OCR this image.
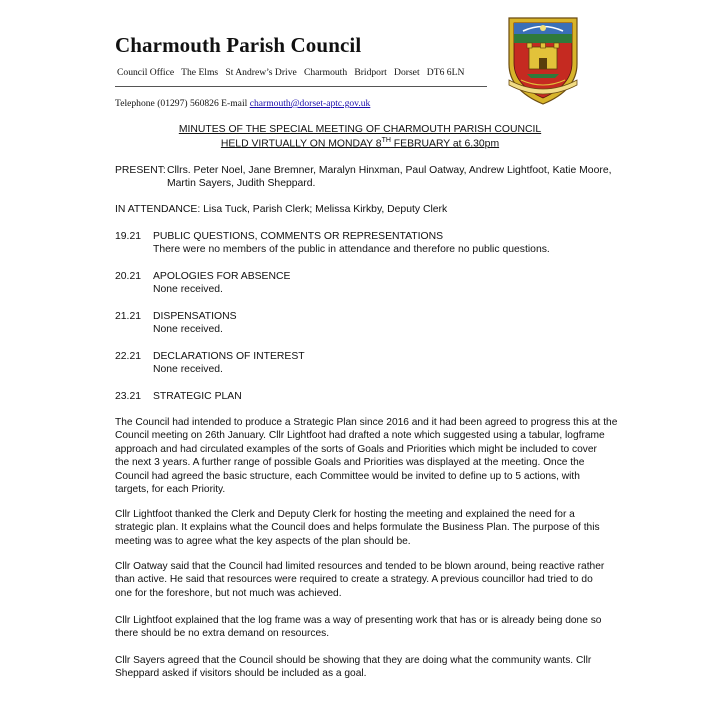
Charmouth Parish Council
Council Office   The Elms   St Andrew’s Drive   Charmouth   Bridport   Dorset   DT6 6LN
Telephone (01297) 560826 E-mail charmouth@dorset-aptc.gov.uk
MINUTES OF THE SPECIAL MEETING OF CHARMOUTH PARISH COUNCIL
HELD VIRTUALLY ON MONDAY 8TH FEBRUARY at 6.30pm
PRESENT: Cllrs. Peter Noel, Jane Bremner, Maralyn Hinxman, Paul Oatway, Andrew Lightfoot, Katie Moore,
Martin Sayers, Judith Sheppard.
IN ATTENDANCE: Lisa Tuck, Parish Clerk; Melissa Kirkby, Deputy Clerk
19.21 PUBLIC QUESTIONS, COMMENTS OR REPRESENTATIONS
There were no members of the public in attendance and therefore no public questions.
20.21 APOLOGIES FOR ABSENCE
None received.
21.21 DISPENSATIONS
None received.
22.21 DECLARATIONS OF INTEREST
None received.
23.21 STRATEGIC PLAN
The Council had intended to produce a Strategic Plan since 2016 and it had been agreed to progress this at the
Council meeting on 26th January. Cllr Lightfoot had drafted a note which suggested using a tabular, logframe
approach and had circulated examples of the sorts of Goals and Priorities which might be included to cover
the next 3 years. A further range of possible Goals and Priorities was displayed at the meeting. Once the
Council had agreed the basic structure, each Committee would be invited to define up to 5 actions, with
targets, for each Priority.
Cllr Lightfoot thanked the Clerk and Deputy Clerk for hosting the meeting and explained the need for a
strategic plan. It explains what the Council does and helps formulate the Business Plan. The purpose of this
meeting was to agree what the key aspects of the plan should be.
Cllr Oatway said that the Council had limited resources and tended to be blown around, being reactive rather
than active. He said that resources were required to create a strategy. A previous councillor had tried to do
one for the foreshore, but not much was achieved.
Cllr Lightfoot explained that the log frame was a way of presenting work that has or is already being done so
there should be no extra demand on resources.
Cllr Sayers agreed that the Council should be showing that they are doing what the community wants. Cllr
Sheppard asked if visitors should be included as a goal.
